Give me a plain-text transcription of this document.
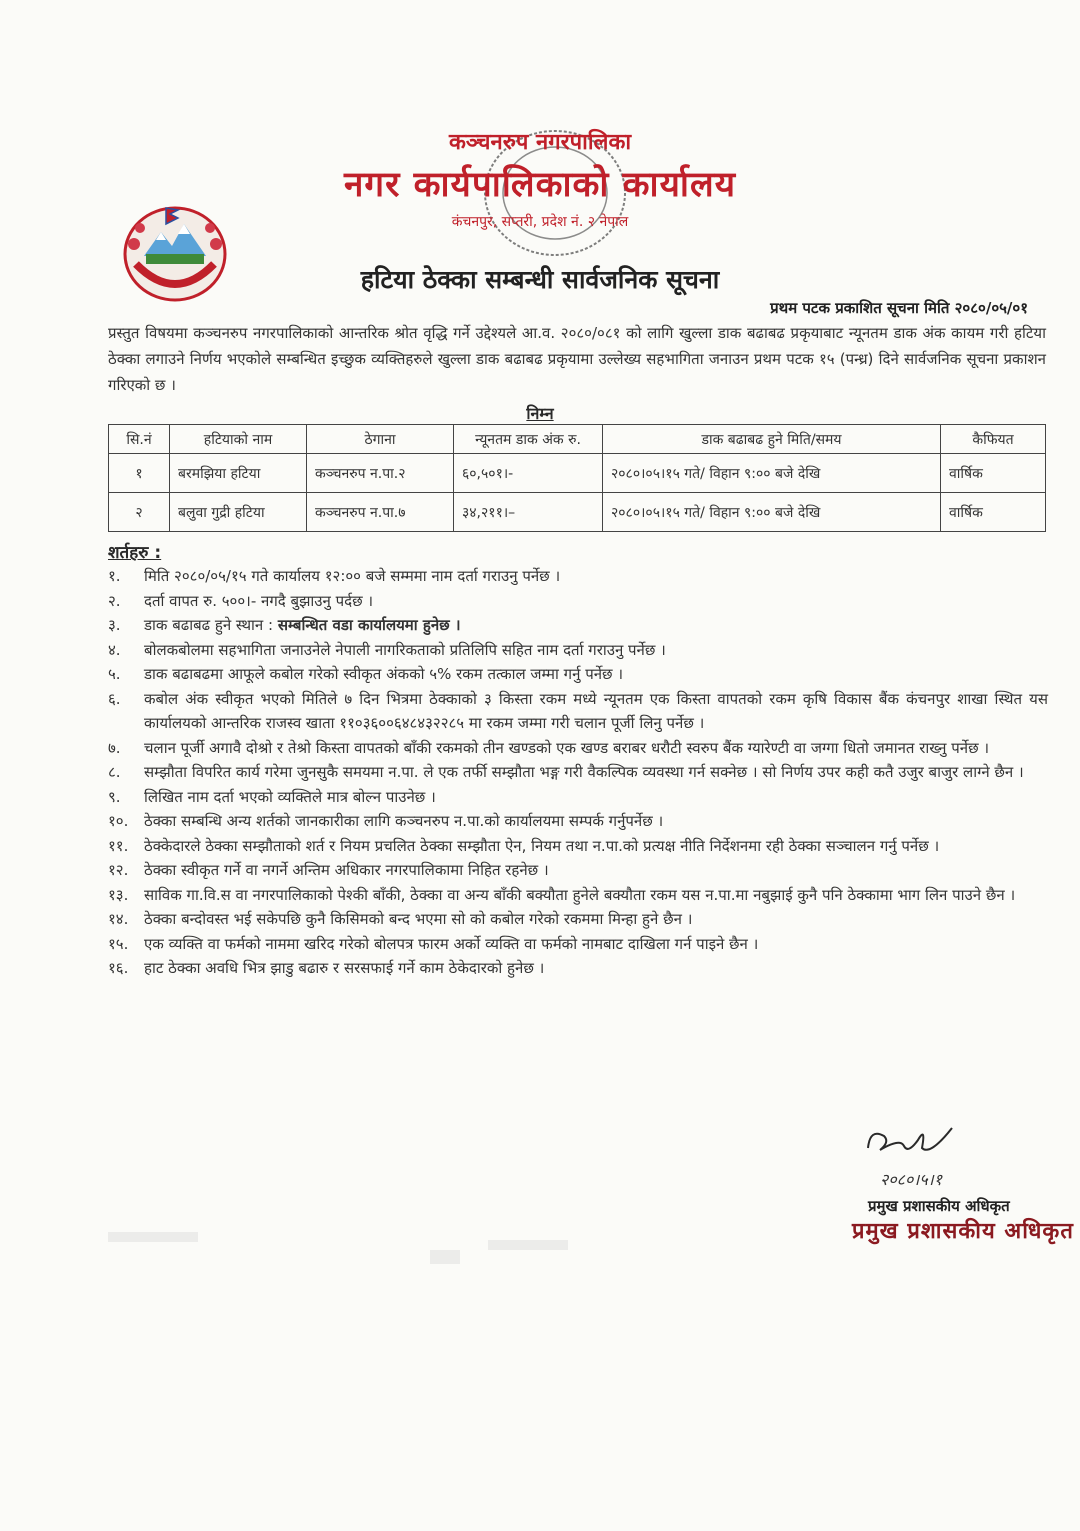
कञ्चनरुप नगरपालिका
नगर कार्यपालिकाको कार्यालय
कंचनपुर, सप्तरी, प्रदेश नं. २ नेपाल
हटिया ठेक्का सम्बन्धी सार्वजनिक सूचना
प्रथम पटक प्रकाशित सूचना मिति २०८०/०५/०१

प्रस्तुत विषयमा कञ्चनरुप नगरपालिकाको आन्तरिक श्रोत वृद्धि गर्ने उद्देश्यले आ.व. २०८०/०८१ को लागि खुल्ला डाक बढाबढ प्रकृयाबाट न्यूनतम डाक अंक कायम गरी हटिया ठेक्का लगाउने निर्णय भएकोले सम्बन्धित इच्छुक व्यक्तिहरुले खुल्ला डाक बढाबढ प्रकृयामा उल्लेख्य सहभागिता जनाउन प्रथम पटक १५ (पन्ध्र) दिने सार्वजनिक सूचना प्रकाशन गरिएको छ ।

निम्न
सि.नं	हटियाको नाम	ठेगाना	न्यूनतम डाक अंक रु.	डाक बढाबढ हुने मिति/समय	कैफियत
१	बरमझिया हटिया	कञ्चनरुप न.पा.२	६०,५०१।-	२०८०।०५।१५ गते/ विहान ९:०० बजे देखि	वार्षिक
२	बलुवा गुद्री हटिया	कञ्चनरुप न.पा.७	३४,२११।–	२०८०।०५।१५ गते/ विहान ९:०० बजे देखि	वार्षिक
शर्तहरु :
१.	मिति २०८०/०५/१५ गते कार्यालय १२:०० बजे सम्ममा नाम दर्ता गराउनु पर्नेछ ।
२.	दर्ता वापत रु. ५००।- नगदै बुझाउनु पर्दछ ।
३.	डाक बढाबढ हुने स्थान : सम्बन्धित वडा कार्यालयमा हुनेछ ।
४.	बोलकबोलमा सहभागिता जनाउनेले नेपाली नागरिकताको प्रतिलिपि सहित नाम दर्ता गराउनु पर्नेछ ।
५.	डाक बढाबढमा आफूले कबोल गरेको स्वीकृत अंकको ५% रकम तत्काल जम्मा गर्नु पर्नेछ ।
६.	कबोल अंक स्वीकृत भएको मितिले ७ दिन भित्रमा ठेक्काको ३ किस्ता रकम मध्ये न्यूनतम एक किस्ता वापतको रकम कृषि विकास बैंक कंचनपुर शाखा स्थित यस कार्यालयको आन्तरिक राजस्व खाता ११०३६००६४८४३२२८५ मा रकम जम्मा गरी चलान पूर्जी लिनु पर्नेछ ।
७.	चलान पूर्जी अगावै दोश्रो र तेश्रो किस्ता वापतको बाँकी रकमको तीन खण्डको एक खण्ड बराबर धरौटी स्वरुप बैंक ग्यारेण्टी वा जग्गा धितो जमानत राख्नु पर्नेछ ।
८.	सम्झौता विपरित कार्य गरेमा जुनसुकै समयमा न.पा. ले एक तर्फी सम्झौता भङ्ग गरी वैकल्पिक व्यवस्था गर्न सक्नेछ । सो निर्णय उपर कही कतै उजुर बाजुर लाग्ने छैन ।
९.	लिखित नाम दर्ता भएको व्यक्तिले मात्र बोल्न पाउनेछ ।
१०.	ठेक्का सम्बन्धि अन्य शर्तको जानकारीका लागि कञ्चनरुप न.पा.को कार्यालयमा सम्पर्क गर्नुपर्नेछ ।
११.	ठेक्केदारले ठेक्का सम्झौताको शर्त र नियम प्रचलित ठेक्का सम्झौता ऐन, नियम तथा न.पा.को प्रत्यक्ष नीति निर्देशनमा रही ठेक्का सञ्चालन गर्नु पर्नेछ ।
१२.	ठेक्का स्वीकृत गर्ने वा नगर्ने अन्तिम अधिकार नगरपालिकामा निहित रहनेछ ।
१३.	साविक गा.वि.स वा नगरपालिकाको पेश्की बाँकी, ठेक्का वा अन्य बाँकी बक्यौता हुनेले बक्यौता रकम यस न.पा.मा नबुझाई कुनै पनि ठेक्कामा भाग लिन पाउने छैन ।
१४.	ठेक्का बन्दोवस्त भई सकेपछि कुनै किसिमको बन्द भएमा सो को कबोल गरेको रकममा मिन्हा हुने छैन ।
१५.	एक व्यक्ति वा फर्मको नाममा खरिद गरेको बोलपत्र फारम अर्को व्यक्ति वा फर्मको नामबाट दाखिला गर्न पाइने छैन ।
१६.	हाट ठेक्का अवधि भित्र झाडु बढारु र सरसफाई गर्ने काम ठेकेदारको हुनेछ ।
२०८०।५।१
प्रमुख प्रशासकीय अधिकृत
प्रमुख प्रशासकीय अधिकृत
